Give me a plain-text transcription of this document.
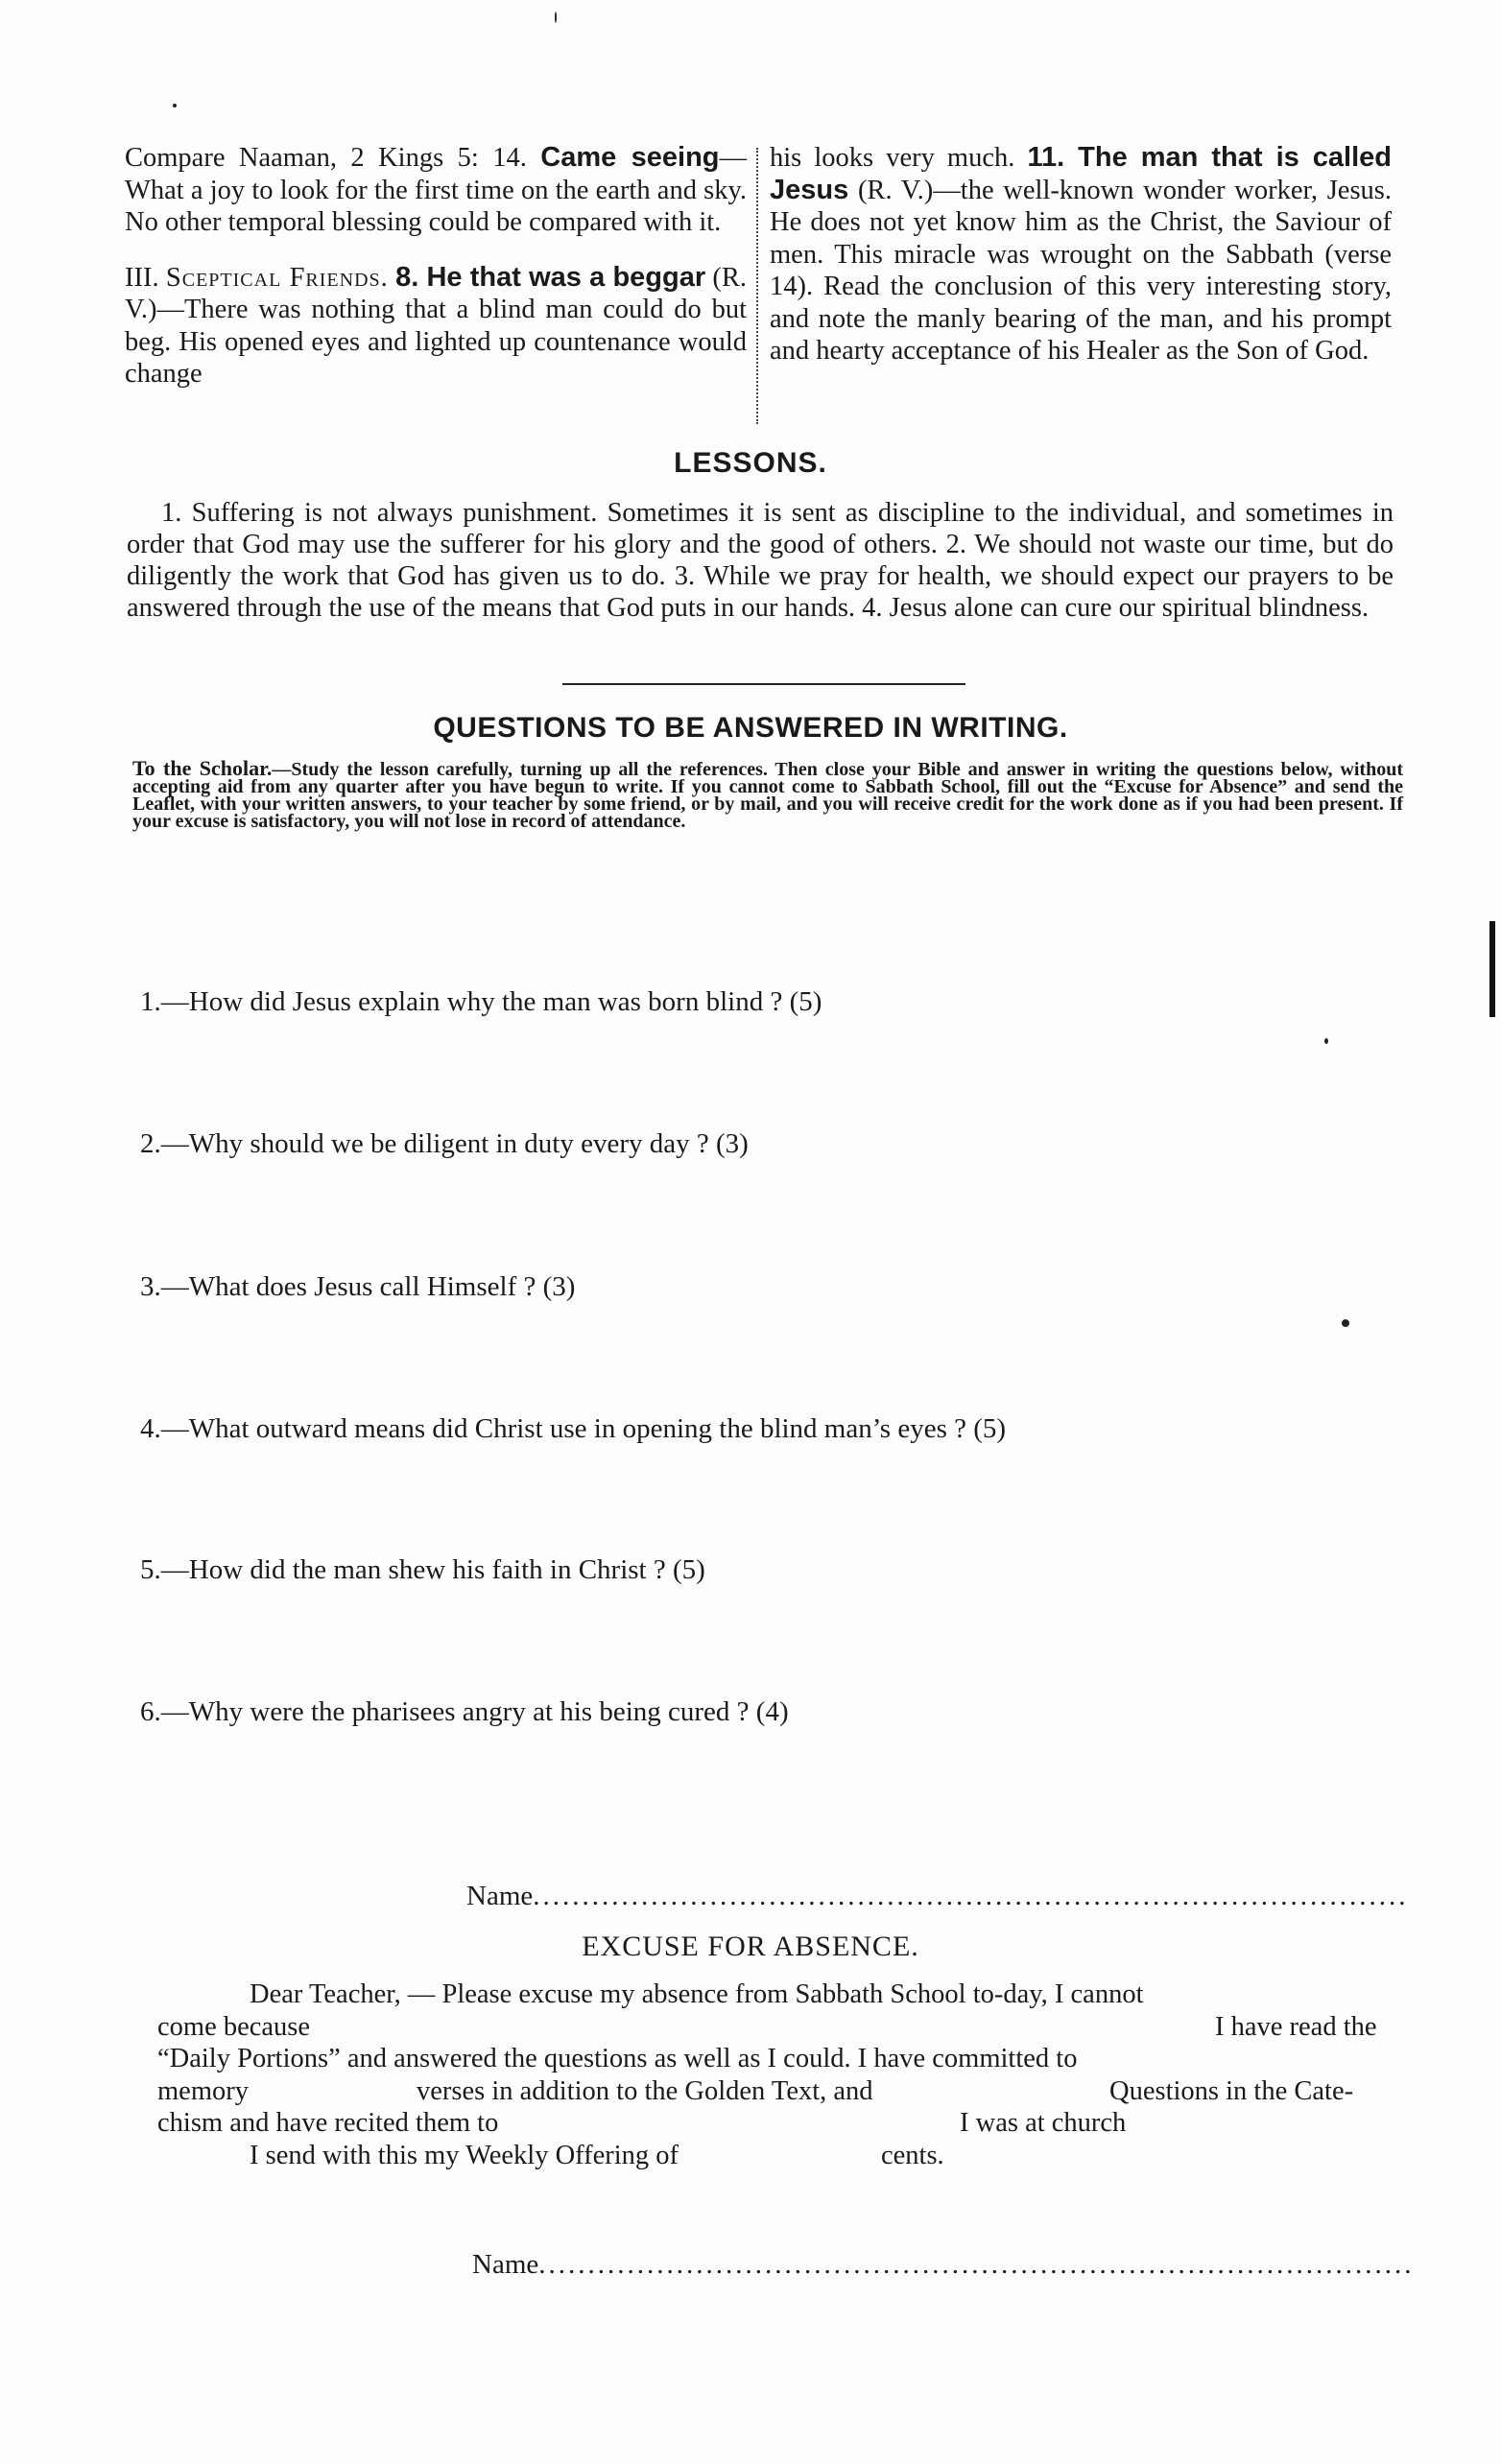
Compare Naaman, 2 Kings 5: 14. Came seeing—What a joy to look for the first time on the earth and sky. No other temporal blessing could be compared with it.

III. Sceptical Friends. 8. He that was a beggar (R. V.)—There was nothing that a blind man could do but beg. His opened eyes and lighted up countenance would change

his looks very much. 11. The man that is called Jesus (R. V.)—the well-known wonder worker, Jesus. He does not yet know him as the Christ, the Saviour of men. This miracle was wrought on the Sabbath (verse 14). Read the conclusion of this very interesting story, and note the manly bearing of the man, and his prompt and hearty acceptance of his Healer as the Son of God.

LESSONS.

1. Suffering is not always punishment. Sometimes it is sent as discipline to the individual, and sometimes in order that God may use the sufferer for his glory and the good of others. 2. We should not waste our time, but do diligently the work that God has given us to do. 3. While we pray for health, we should expect our prayers to be answered through the use of the means that God puts in our hands. 4. Jesus alone can cure our spiritual blindness.

QUESTIONS TO BE ANSWERED IN WRITING.
To the Scholar.—Study the lesson carefully, turning up all the references. Then close your Bible and answer in writing the questions below, without accepting aid from any quarter after you have begun to write. If you cannot come to Sabbath School, fill out the “Excuse for Absence” and send the Leaflet, with your written answers, to your teacher by some friend, or by mail, and you will receive credit for the work done as if you had been present. If your excuse is satisfactory, you will not lose in record of attendance.
1.—How did Jesus explain why the man was born blind ? (5)
2.—Why should we be diligent in duty every day ? (3)
3.—What does Jesus call Himself ? (3)
4.—What outward means did Christ use in opening the blind man’s eyes ? (5)
5.—How did the man shew his faith in Christ ? (5)
6.—Why were the pharisees angry at his being cured ? (4)
Name.........................................................................................
EXCUSE FOR ABSENCE.
Dear Teacher, — Please excuse my absence from Sabbath School to-day, I cannot
come because	I have read the
“Daily Portions” and answered the questions as well as I could. I have committed to
memory	verses in addition to the Golden Text, and	Questions in the Cate-
chism and have recited them to	I was at church
I send with this my Weekly Offering of	cents.
Name.........................................................................................
